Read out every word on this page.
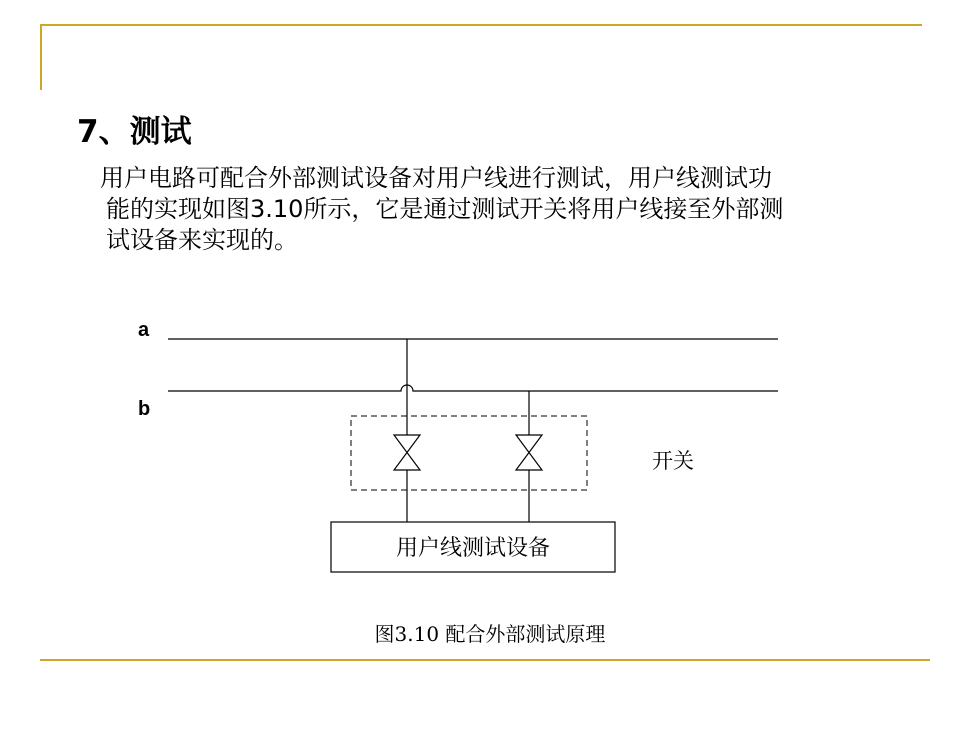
7、测试
用户电路可配合外部测试设备对用户线进行测试，用户线测试功
能的实现如图3.10所示，它是通过测试开关将用户线接至外部测
试设备来实现的。
a
b
开关
用户线测试设备
图3.10 配合外部测试原理
